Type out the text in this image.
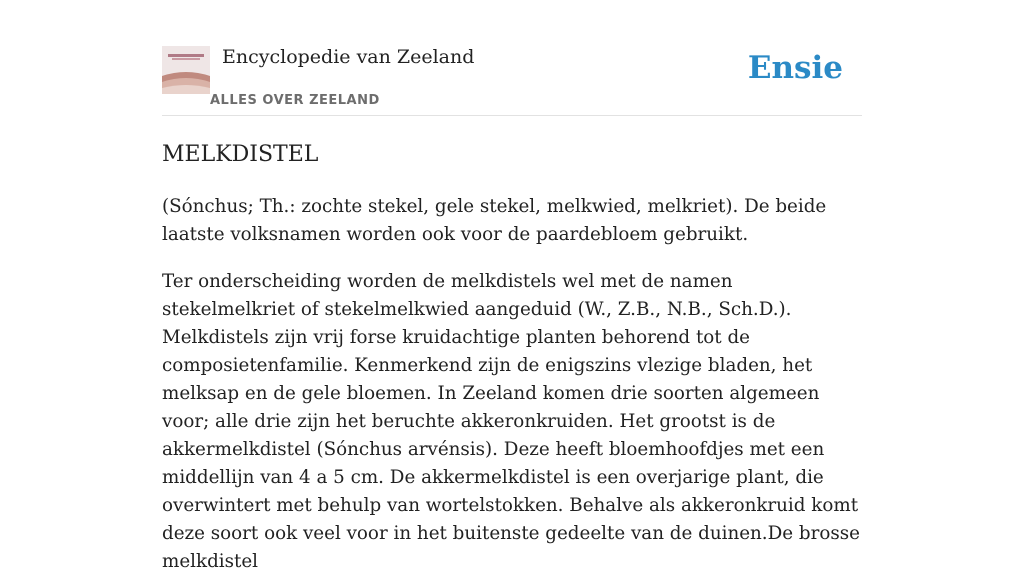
Encyclopedie van Zeeland
ALLES OVER ZEELAND
Ensie
MELKDISTEL

(Sónchus; Th.: zochte stekel, gele stekel, melkwied, melkriet). De beide laatste volksnamen worden ook voor de paardebloem gebruikt.

Ter onderscheiding worden de melkdistels wel met de namen stekelmelkriet of stekelmelkwied aangeduid (W., Z.B., N.B., Sch.D.). Melkdistels zijn vrij forse kruidachtige planten behorend tot de composietenfamilie. Kenmerkend zijn de enigszins vlezige bladen, het melksap en de gele bloemen. In Zeeland komen drie soorten algemeen voor; alle drie zijn het beruchte akkeronkruiden. Het grootst is de akkermelkdistel (Sónchus arvénsis). Deze heeft bloemhoofdjes met een middellijn van 4 a 5 cm. De akkermelkdistel is een overjarige plant, die overwintert met behulp van wortelstokken. Behalve als akkeronkruid komt deze soort ook veel voor in het buitenste gedeelte van de duinen.De brosse melkdistel
